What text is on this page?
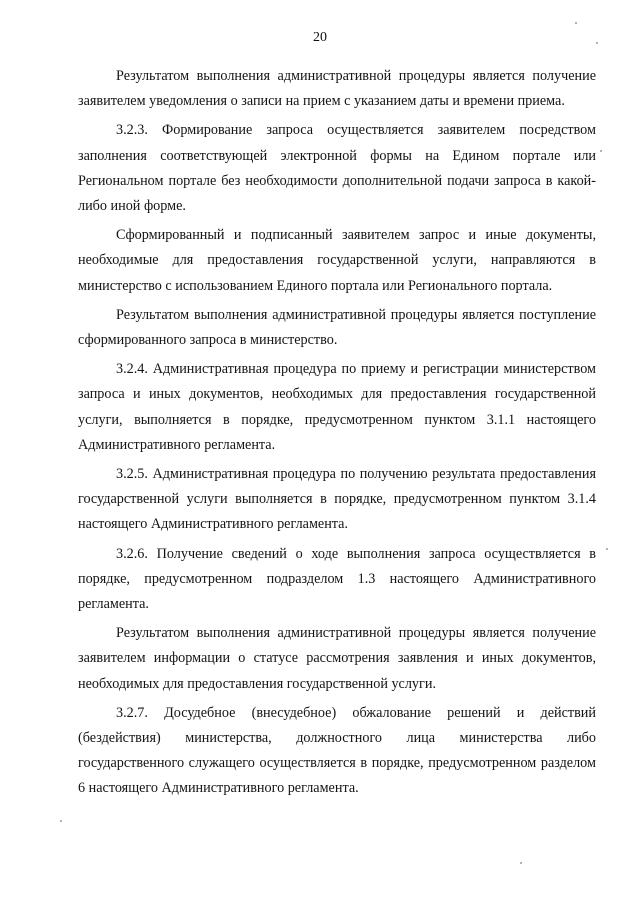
20

Результатом выполнения административной процедуры является получение заявителем уведомления о записи на прием с указанием даты и времени приема.

3.2.3. Формирование запроса осуществляется заявителем посредством заполнения соответствующей электронной формы на Едином портале или Региональном портале без необходимости дополнительной подачи запроса в какой-либо иной форме.

Сформированный и подписанный заявителем запрос и иные документы, необходимые для предоставления государственной услуги, направляются в министерство с использованием Единого портала или Регионального портала.

Результатом выполнения административной процедуры является поступление сформированного запроса в министерство.

3.2.4. Административная процедура по приему и регистрации министерством запроса и иных документов, необходимых для предоставления государственной услуги, выполняется в порядке, предусмотренном пунктом 3.1.1 настоящего Административного регламента.

3.2.5. Административная процедура по получению результата предоставления государственной услуги выполняется в порядке, предусмотренном пунктом 3.1.4 настоящего Административного регламента.

3.2.6. Получение сведений о ходе выполнения запроса осуществляется в порядке, предусмотренном подразделом 1.3 настоящего Административного регламента.

Результатом выполнения административной процедуры является получение заявителем информации о статусе рассмотрения заявления и иных документов, необходимых для предоставления государственной услуги.

3.2.7. Досудебное (внесудебное) обжалование решений и действий (бездействия) министерства, должностного лица министерства либо государственного служащего осуществляется в порядке, предусмотренном разделом 6 настоящего Административного регламента.
